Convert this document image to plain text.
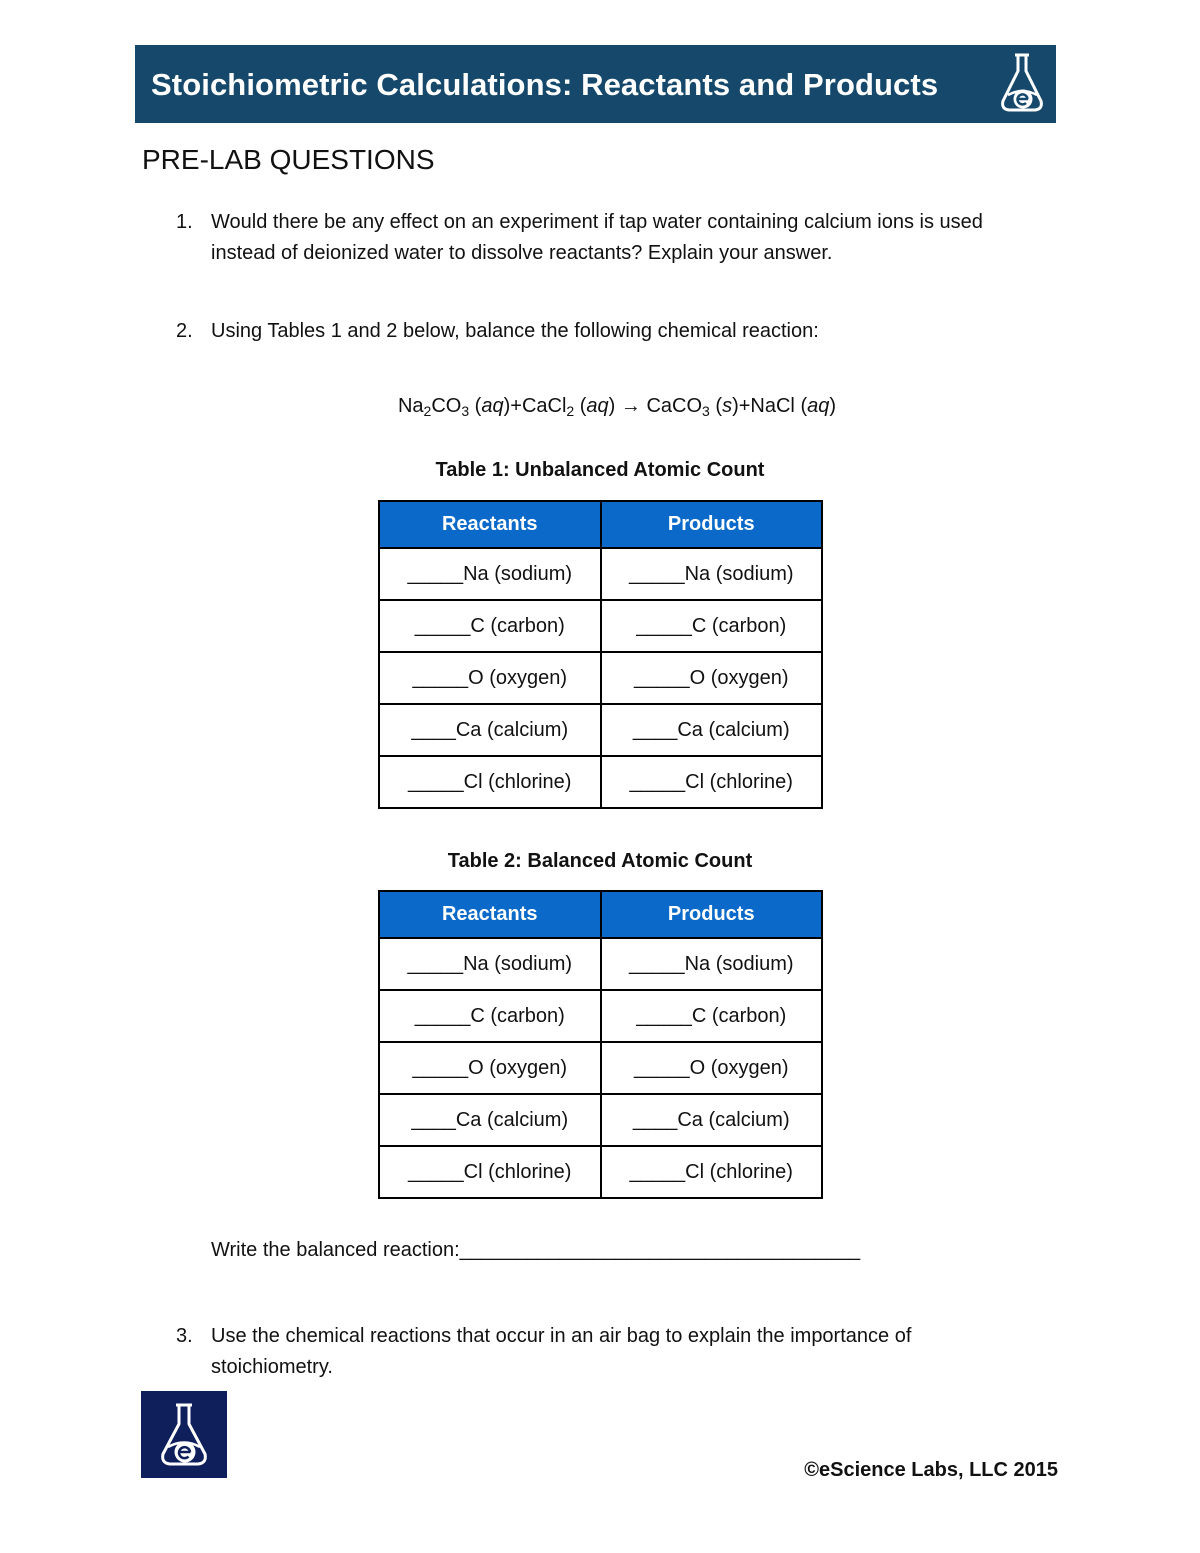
Stoichiometric Calculations: Reactants and Products
PRE-LAB QUESTIONS
1. Would there be any effect on an experiment if tap water containing calcium ions is used
instead of deionized water to dissolve reactants? Explain your answer.
2. Using Tables 1 and 2 below, balance the following chemical reaction:
$Na_2CO_3$ (aq)+CaCl$_2$ (aq) → CaCO$_3$ (s)+NaCl (aq)
Table 1: Unbalanced Atomic Count
Reactants	Products
_____Na (sodium)	_____Na (sodium)
_____C (carbon)	_____C (carbon)
_____O (oxygen)	_____O (oxygen)
____Ca (calcium)	____Ca (calcium)
_____Cl (chlorine)	_____Cl (chlorine)
Table 2: Balanced Atomic Count
Reactants	Products
_____Na (sodium)	_____Na (sodium)
_____C (carbon)	_____C (carbon)
_____O (oxygen)	_____O (oxygen)
____Ca (calcium)	____Ca (calcium)
_____Cl (chlorine)	_____Cl (chlorine)
Write the balanced reaction:____________________________________
3. Use the chemical reactions that occur in an air bag to explain the importance of
stoichiometry.
©eScience Labs, LLC 2015
